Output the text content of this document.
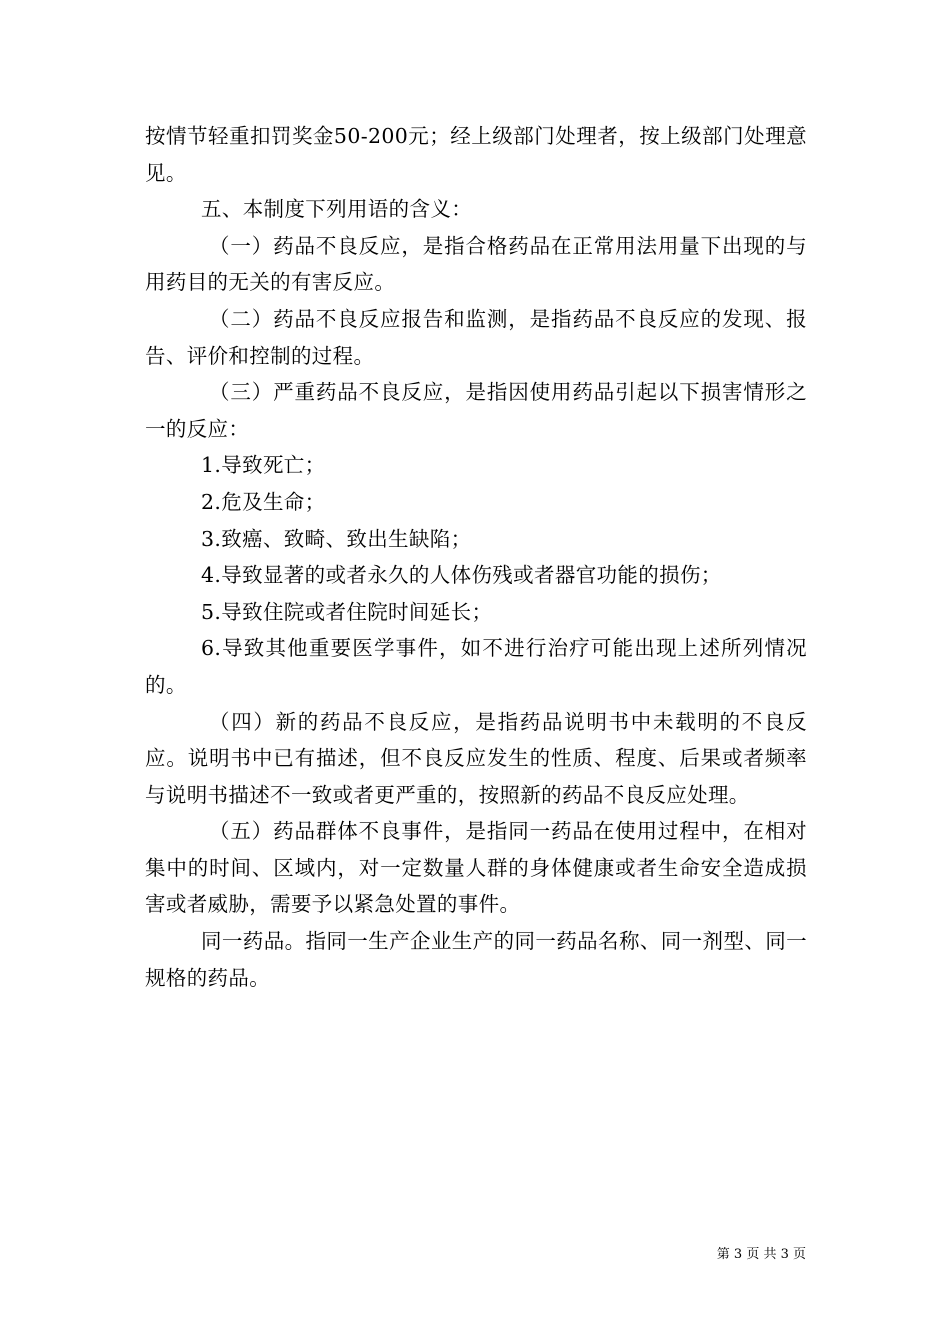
按情节轻重扣罚奖金50-200元；经上级部门处理者，按上级部门处理意见。

五、本制度下列用语的含义：

（一）药品不良反应，是指合格药品在正常用法用量下出现的与用药目的无关的有害反应。

（二）药品不良反应报告和监测，是指药品不良反应的发现、报告、评价和控制的过程。

（三）严重药品不良反应，是指因使用药品引起以下损害情形之一的反应：

1.导致死亡；

2.危及生命；

3.致癌、致畸、致出生缺陷；

4.导致显著的或者永久的人体伤残或者器官功能的损伤；

5.导致住院或者住院时间延长；

6.导致其他重要医学事件，如不进行治疗可能出现上述所列情况的。

（四）新的药品不良反应，是指药品说明书中未载明的不良反应。说明书中已有描述，但不良反应发生的性质、程度、后果或者频率与说明书描述不一致或者更严重的，按照新的药品不良反应处理。

（五）药品群体不良事件，是指同一药品在使用过程中，在相对集中的时间、区域内，对一定数量人群的身体健康或者生命安全造成损害或者威胁，需要予以紧急处置的事件。

同一药品。指同一生产企业生产的同一药品名称、同一剂型、同一规格的药品。

第 3 页 共 3 页
